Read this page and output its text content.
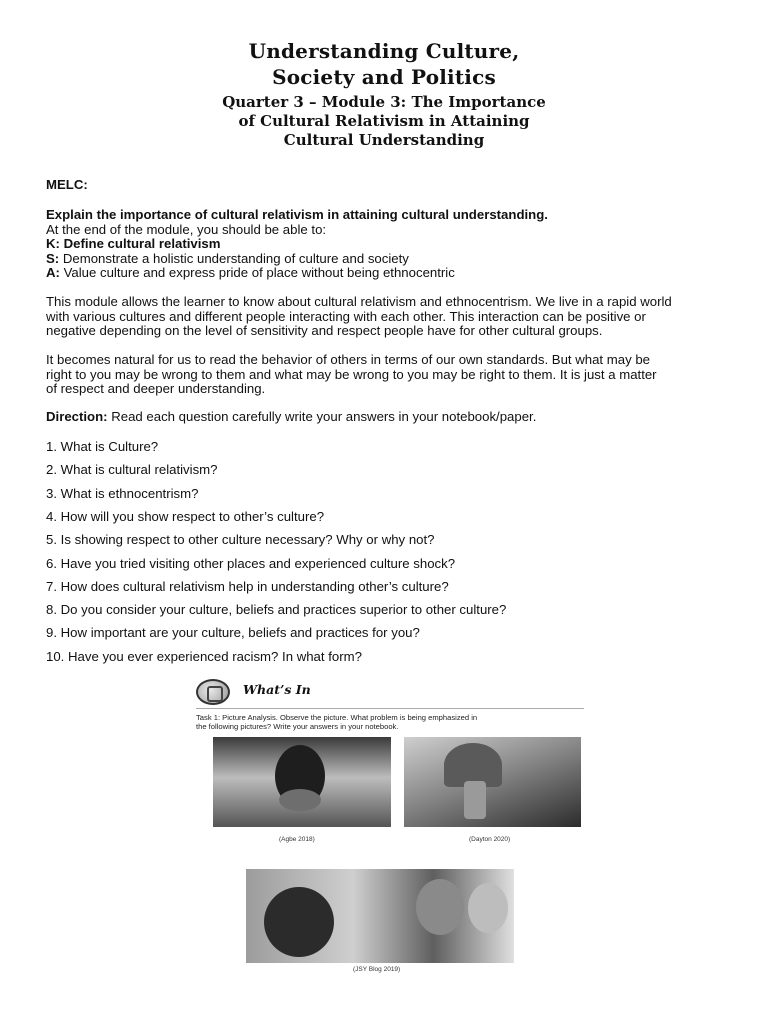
Understanding Culture,
Society and Politics
Quarter 3 – Module 3: The Importance
of Cultural Relativism in Attaining
Cultural Understanding
MELC:
Explain the importance of cultural relativism in attaining cultural understanding.
At the end of the module, you should be able to:
K: Define cultural relativism
S: Demonstrate a holistic understanding of culture and society
A: Value culture and express pride of place without being ethnocentric
This module allows the learner to know about cultural relativism and ethnocentrism. We live in a rapid world
with various cultures and different people interacting with each other. This interaction can be positive or
negative depending on the level of sensitivity and respect people have for other cultural groups.
It becomes natural for us to read the behavior of others in terms of our own standards. But what may be
right to you may be wrong to them and what may be wrong to you may be right to them. It is just a matter
of respect and deeper understanding.
Direction: Read each question carefully write your answers in your notebook/paper.
1. What is Culture?
2. What is cultural relativism?
3. What is ethnocentrism?
4. How will you show respect to other’s culture?
5. Is showing respect to other culture necessary? Why or why not?
6. Have you tried visiting other places and experienced culture shock?
7. How does cultural relativism help in understanding other’s culture?
8. Do you consider your culture, beliefs and practices superior to other culture?
9. How important are your culture, beliefs and practices for you?
10. Have you ever experienced racism? In what form?
What’s In
Task 1: Picture Analysis. Observe the picture. What problem is being emphasized in
the following pictures? Write your answers in your notebook.
(Agbe 2018)	(Dayton 2020)
(JSY Blog 2019)
